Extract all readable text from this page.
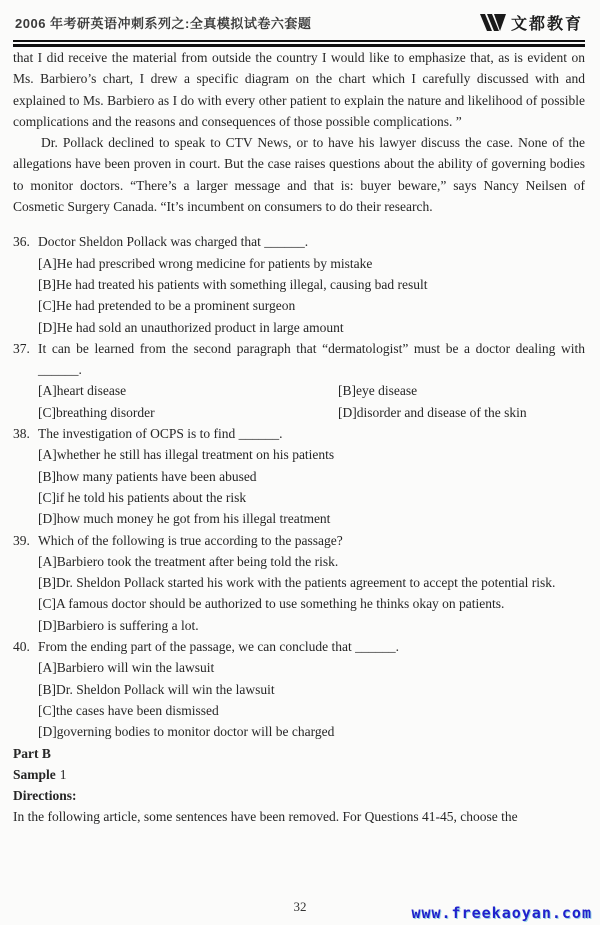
2006 年考研英语冲刺系列之:全真模拟试卷六套题	文都教育

that I did receive the material from outside the country I would like to emphasize that, as is evident on Ms. Barbiero’s chart, I drew a specific diagram on the chart which I carefully discussed with and explained to Ms. Barbiero as I do with every other patient to explain the nature and likelihood of possible complications and the reasons and consequences of those possible complications. ”

Dr. Pollack declined to speak to CTV News, or to have his lawyer discuss the case. None of the allegations have been proven in court. But the case raises questions about the ability of governing bodies to monitor doctors. “There’s a larger message and that is: buyer beware,” says Nancy Neilsen of Cosmetic Surgery Canada. “It’s incumbent on consumers to do their research.

36. Doctor Sheldon Pollack was charged that ______.
[A] He had prescribed wrong medicine for patients by mistake
[B] He had treated his patients with something illegal, causing bad result
[C] He had pretended to be a prominent surgeon
[D] He had sold an unauthorized product in large amount
37. It can be learned from the second paragraph that “dermatologist” must be a doctor dealing with ______.
[A] heart disease	[B] eye disease
[C] breathing disorder	[D] disorder and disease of the skin
38. The investigation of OCPS is to find ______.
[A] whether he still has illegal treatment on his patients
[B] how many patients have been abused
[C] if he told his patients about the risk
[D] how much money he got from his illegal treatment
39. Which of the following is true according to the passage?
[A] Barbiero took the treatment after being told the risk.
[B] Dr. Sheldon Pollack started his work with the patients agreement to accept the potential risk.
[C] A famous doctor should be authorized to use something he thinks okay on patients.
[D] Barbiero is suffering a lot.
40. From the ending part of the passage, we can conclude that ______.
[A] Barbiero will win the lawsuit
[B] Dr. Sheldon Pollack will win the lawsuit
[C] the cases have been dismissed
[D] governing bodies to monitor doctor will be charged
Part B
Sample 1
Directions:
In the following article, some sentences have been removed. For Questions 41-45, choose the
32	www.freekaoyan.com
